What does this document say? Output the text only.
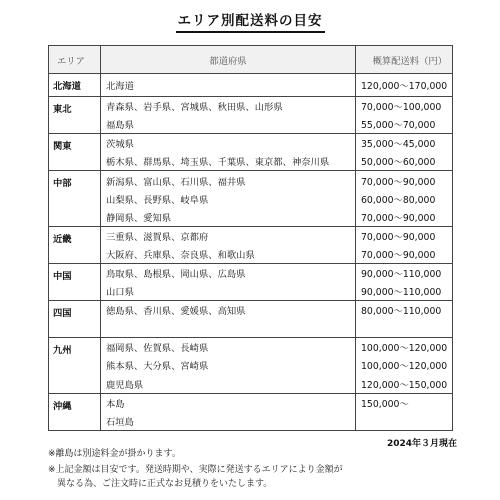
エリア別配送料の目安
エリア	都道府県	概算配送料（円）
北海道	北海道	120,000〜170,000
東北	青森県、岩手県、宮城県、秋田県、山形県	70,000〜100,000
	福島県	55,000〜70,000
関東	茨城県	35,000〜45,000
	栃木県、群馬県、埼玉県、千葉県、東京都、神奈川県	50,000〜60,000
中部	新潟県、富山県、石川県、福井県	70,000〜90,000
	山梨県、長野県、岐阜県	60,000〜80,000
	静岡県、愛知県	70,000〜90,000
近畿	三重県、滋賀県、京都府	70,000〜90,000
	大阪府、兵庫県、奈良県、和歌山県	70,000〜90,000
中国	鳥取県、島根県、岡山県、広島県	90,000〜110,000
	山口県	90,000〜110,000
四国	徳島県、香川県、愛媛県、高知県	80,000〜110,000

九州	福岡県、佐賀県、長崎県	100,000〜120,000
	熊本県、大分県、宮崎県	100,000〜120,000
	鹿児島県	120,000〜150,000
沖縄	本島	150,000〜
	石垣島	
2024年３月現在
※離島は別途料金が掛かります。
※上記金額は目安です。発送時期や、実際に発送するエリアにより金額が
　異なる為、ご注文時に正式なお見積りをいたします。
